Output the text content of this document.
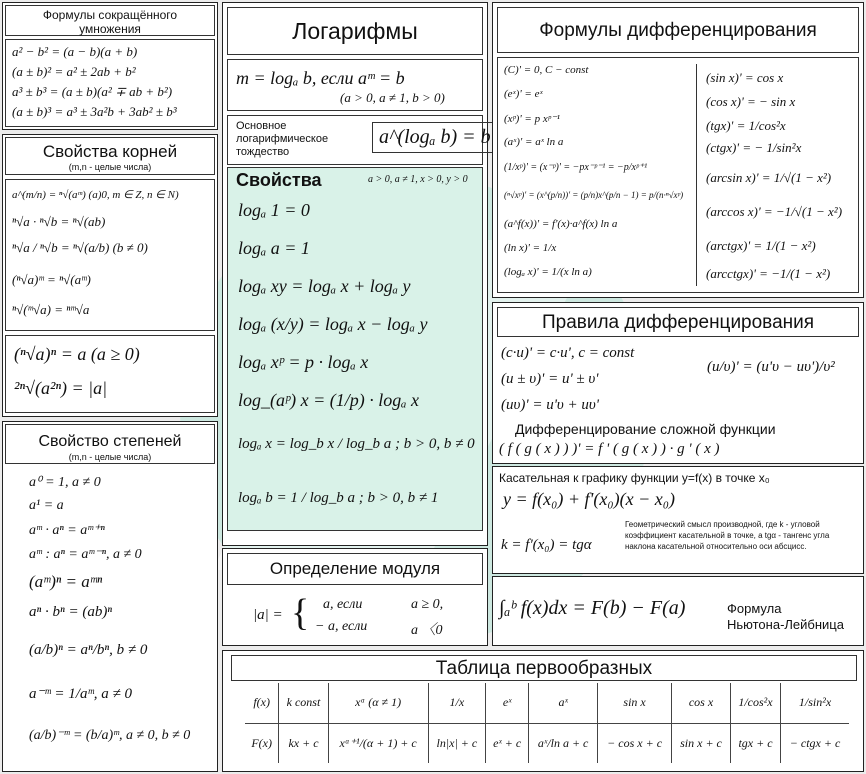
Формулы сокращённого умножения
a² − b² = (a − b)(a + b)
(a ± b)² = a² ± 2ab + b²
a³ ± b³ = (a ± b)(a² ∓ ab + b²)
(a ± b)³ = a³ ± 3a²b + 3ab² ± b³
Свойства корней
(m,n - целые числа)
a^(m/n) = ⁿ√(aᵐ) (a)0, m ∈ Z, n ∈ N)
ⁿ√a · ⁿ√b = ⁿ√(ab)
ⁿ√a / ⁿ√b = ⁿ√(a/b) (b ≠ 0)
(ⁿ√a)ᵐ = ⁿ√(aᵐ)
ⁿ√(ᵐ√a) = ⁿᵐ√a
(ⁿ√a)ⁿ = a (a ≥ 0)
²ⁿ√(a²ⁿ) = |a|
Свойство степеней
(m,n - целые числа)
a⁰ = 1, a ≠ 0
a¹ = a
aᵐ · aⁿ = aᵐ⁺ⁿ
aᵐ : aⁿ = aᵐ⁻ⁿ, a ≠ 0
(aᵐ)ⁿ = aᵐⁿ
aⁿ · bⁿ = (ab)ⁿ
(a/b)ⁿ = aⁿ/bⁿ, b ≠ 0
a⁻ᵐ = 1/aᵐ, a ≠ 0
(a/b)⁻ᵐ = (b/a)ᵐ, a ≠ 0, b ≠ 0
Логарифмы
m = logₐ b, если aᵐ = b
(a > 0, a ≠ 1, b > 0)
Основное логарифмическое тождество
a^(logₐ b) = b
Свойства	a > 0, a ≠ 1, x > 0, y > 0
logₐ 1 = 0
logₐ a = 1
logₐ xy = logₐ x + logₐ y
logₐ (x/y) = logₐ x − logₐ y
logₐ xᵖ = p · logₐ x
log_(aᵖ) x = (1/p) · logₐ x
logₐ x = log_b x / log_b a ; b > 0, b ≠ 0
logₐ b = 1 / log_b a ; b > 0, b ≠ 1
Определение модуля
|a| = { a, если	a ≥ 0,
− a, если	a 〈0
Формулы дифференцирования
(C)' = 0, C − const
(eˣ)' = eˣ
(xᵖ)' = p xᵖ⁻¹
(aˣ)' = aˣ ln a
(1/xᵖ)' = (x⁻ᵖ)' = −px⁻ᵖ⁻¹ = −p/xᵖ⁺¹
(ⁿ√xᵖ)' = (x^(p/n))' = (p/n)x^(p/n − 1) = p/(n·ⁿ√xᵖ)
(a^f(x))' = f'(x)·a^f(x) ln a
(ln x)' = 1/x
(logₐ x)' = 1/(x ln a)
(sin x)' = cos x
(cos x)' = − sin x
(tgx)' = 1/cos²x
(ctgx)' = − 1/sin²x
(arcsin x)' = 1/√(1 − x²)
(arccos x)' = −1/√(1 − x²)
(arctgx)' = 1/(1 − x²)
(arcctgx)' = −1/(1 − x²)
Правила дифференцирования
(c·u)' = c·u', c = const
(u ± υ)' = u' ± υ'
(uυ)' = u'υ + uυ'
(u/υ)' = (u'υ − uυ')/υ²
Дифференцирование сложной функции
( f ( g ( x ) ) )' = f ' ( g ( x ) ) · g ' ( x )
Касательная к графику функции y=f(x) в точке x₀
y = f(x₀) + f'(x₀)(x − x₀)
k = f'(x₀) = tgα
Геометрический смысл производной, где k - угловой коэффициент касательной в точке, а tgα - тангенс угла наклона касательной относительно оси абсцисс.
∫ₐᵇ f(x)dx = F(b) − F(a)	Формула
Ньютона-Лейбница
Таблица первообразных
f(x)	k const	xᵅ (α ≠ 1)	1/x	eˣ	aˣ	sin x	cos x	1/cos²x	1/sin²x
F(x)	kx + c	xᵅ⁺¹/(α + 1) + c	ln|x| + c	eˣ + c	aˣ/ln a + c	− cos x + c	sin x + c	tgx + c	− ctgx + c
